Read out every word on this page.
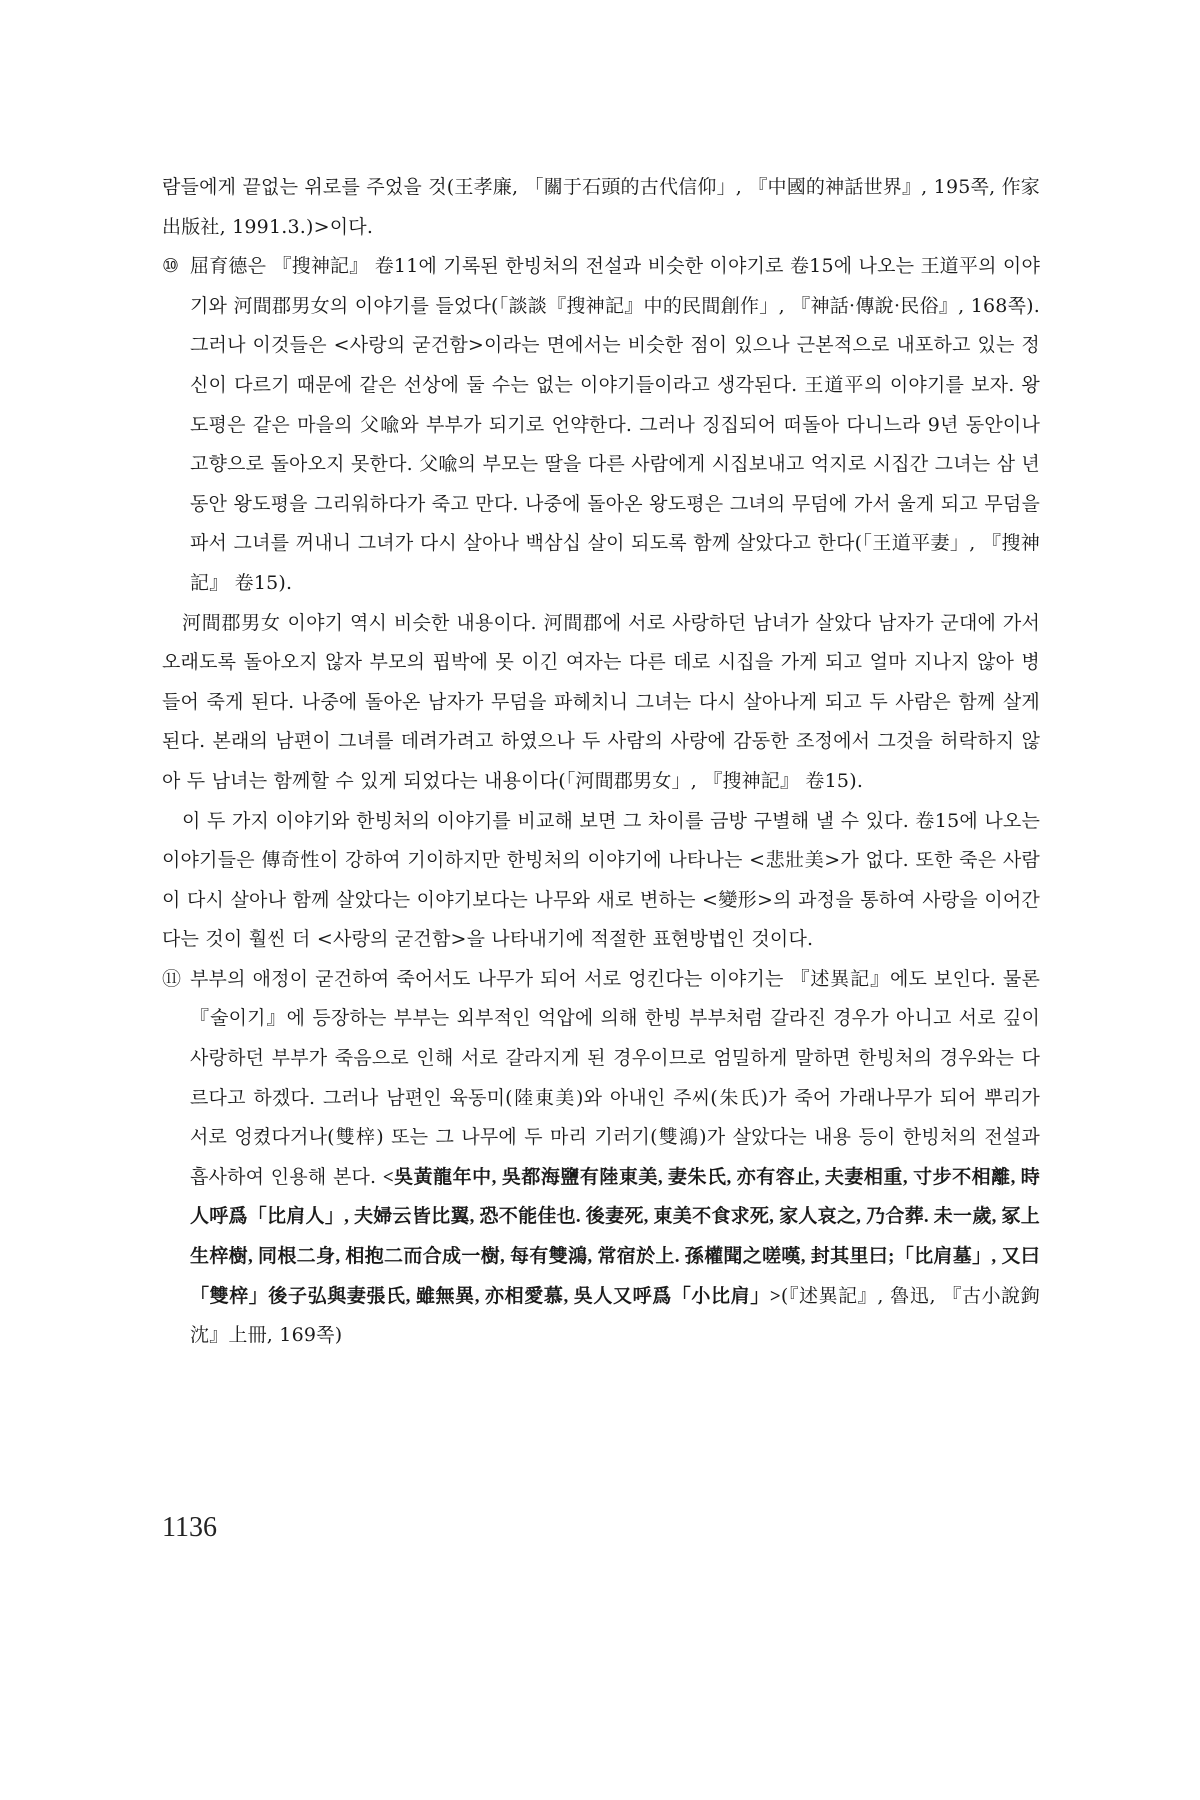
람들에게 끝없는 위로를 주었을 것(王孝廉, 「關于石頭的古代信仰」, 『中國的神話世界』, 195쪽, 作家出版社, 1991.3.)>이다.

⑩ 屈育德은 『搜神記』 卷11에 기록된 한빙처의 전설과 비슷한 이야기로 卷15에 나오는 王道平의 이야기와 河間郡男女의 이야기를 들었다(「談談『搜神記』中的民間創作」, 『神話·傳說·民俗』, 168쪽). 그러나 이것들은 <사랑의 굳건함>이라는 면에서는 비슷한 점이 있으나 근본적으로 내포하고 있는 정신이 다르기 때문에 같은 선상에 둘 수는 없는 이야기들이라고 생각된다. 王道平의 이야기를 보자. 왕도평은 같은 마을의 父喩와 부부가 되기로 언약한다. 그러나 징집되어 떠돌아 다니느라 9년 동안이나 고향으로 돌아오지 못한다. 父喩의 부모는 딸을 다른 사람에게 시집보내고 억지로 시집간 그녀는 삼 년 동안 왕도평을 그리워하다가 죽고 만다. 나중에 돌아온 왕도평은 그녀의 무덤에 가서 울게 되고 무덤을 파서 그녀를 꺼내니 그녀가 다시 살아나 백삼십 살이 되도록 함께 살았다고 한다(「王道平妻」, 『搜神記』 卷15).

河間郡男女 이야기 역시 비슷한 내용이다. 河間郡에 서로 사랑하던 남녀가 살았다 남자가 군대에 가서 오래도록 돌아오지 않자 부모의 핍박에 못 이긴 여자는 다른 데로 시집을 가게 되고 얼마 지나지 않아 병들어 죽게 된다. 나중에 돌아온 남자가 무덤을 파헤치니 그녀는 다시 살아나게 되고 두 사람은 함께 살게 된다. 본래의 남편이 그녀를 데려가려고 하였으나 두 사람의 사랑에 감동한 조정에서 그것을 허락하지 않아 두 남녀는 함께할 수 있게 되었다는 내용이다(「河間郡男女」, 『搜神記』 卷15).

이 두 가지 이야기와 한빙처의 이야기를 비교해 보면 그 차이를 금방 구별해 낼 수 있다. 卷15에 나오는 이야기들은 傳奇性이 강하여 기이하지만 한빙처의 이야기에 나타나는 <悲壯美>가 없다. 또한 죽은 사람이 다시 살아나 함께 살았다는 이야기보다는 나무와 새로 변하는 <變形>의 과정을 통하여 사랑을 이어간다는 것이 훨씬 더 <사랑의 굳건함>을 나타내기에 적절한 표현방법인 것이다.

⑪ 부부의 애정이 굳건하여 죽어서도 나무가 되어 서로 엉킨다는 이야기는 『述異記』에도 보인다. 물론 『술이기』에 등장하는 부부는 외부적인 억압에 의해 한빙 부부처럼 갈라진 경우가 아니고 서로 깊이 사랑하던 부부가 죽음으로 인해 서로 갈라지게 된 경우이므로 엄밀하게 말하면 한빙처의 경우와는 다르다고 하겠다. 그러나 남편인 육동미(陸東美)와 아내인 주씨(朱氏)가 죽어 가래나무가 되어 뿌리가 서로 엉켰다거나(雙梓) 또는 그 나무에 두 마리 기러기(雙鴻)가 살았다는 내용 등이 한빙처의 전설과 흡사하여 인용해 본다. <吳黃龍年中, 吳都海鹽有陸東美, 妻朱氏, 亦有容止, 夫妻相重, 寸步不相離, 時人呼爲「比肩人」, 夫婦云皆比翼, 恐不能佳也. 後妻死, 東美不食求死, 家人哀之, 乃合葬. 未一歲, 冢上生梓樹, 同根二身, 相抱二而合成一樹, 每有雙鴻, 常宿於上. 孫權聞之嗟嘆, 封其里曰;「比肩墓」, 又曰「雙梓」後子弘與妻張氏, 雖無異, 亦相愛慕, 吳人又呼爲「小比肩」>(『述異記』, 魯迅, 『古小說鉤沈』上冊, 169쪽)

1136
